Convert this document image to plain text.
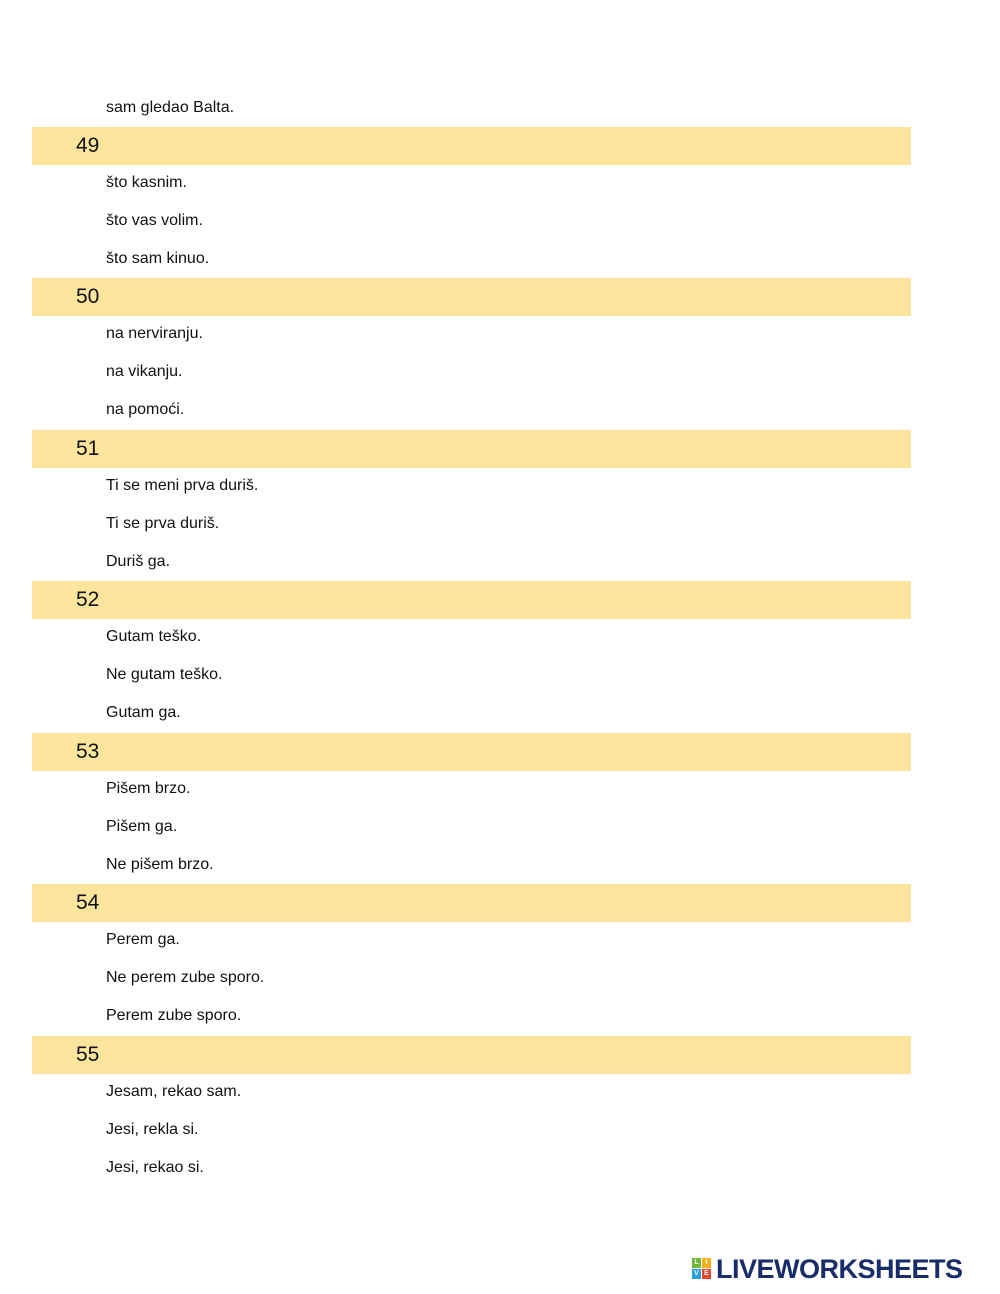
sam gledao Balta.
49
što kasnim.
što vas volim.
što sam kinuo.
50
na nerviranju.
na vikanju.
na pomoći.
51
Ti se meni prva duriš.
Ti se prva duriš.
Duriš ga.
52
Gutam teško.
Ne gutam teško.
Gutam ga.
53
Pišem brzo.
Pišem ga.
Ne pišem brzo.
54
Perem ga.
Ne perem zube sporo.
Perem zube sporo.
55
Jesam, rekao sam.
Jesi, rekla si.
Jesi, rekao si.
L I
V E LIVEWORKSHEETS
